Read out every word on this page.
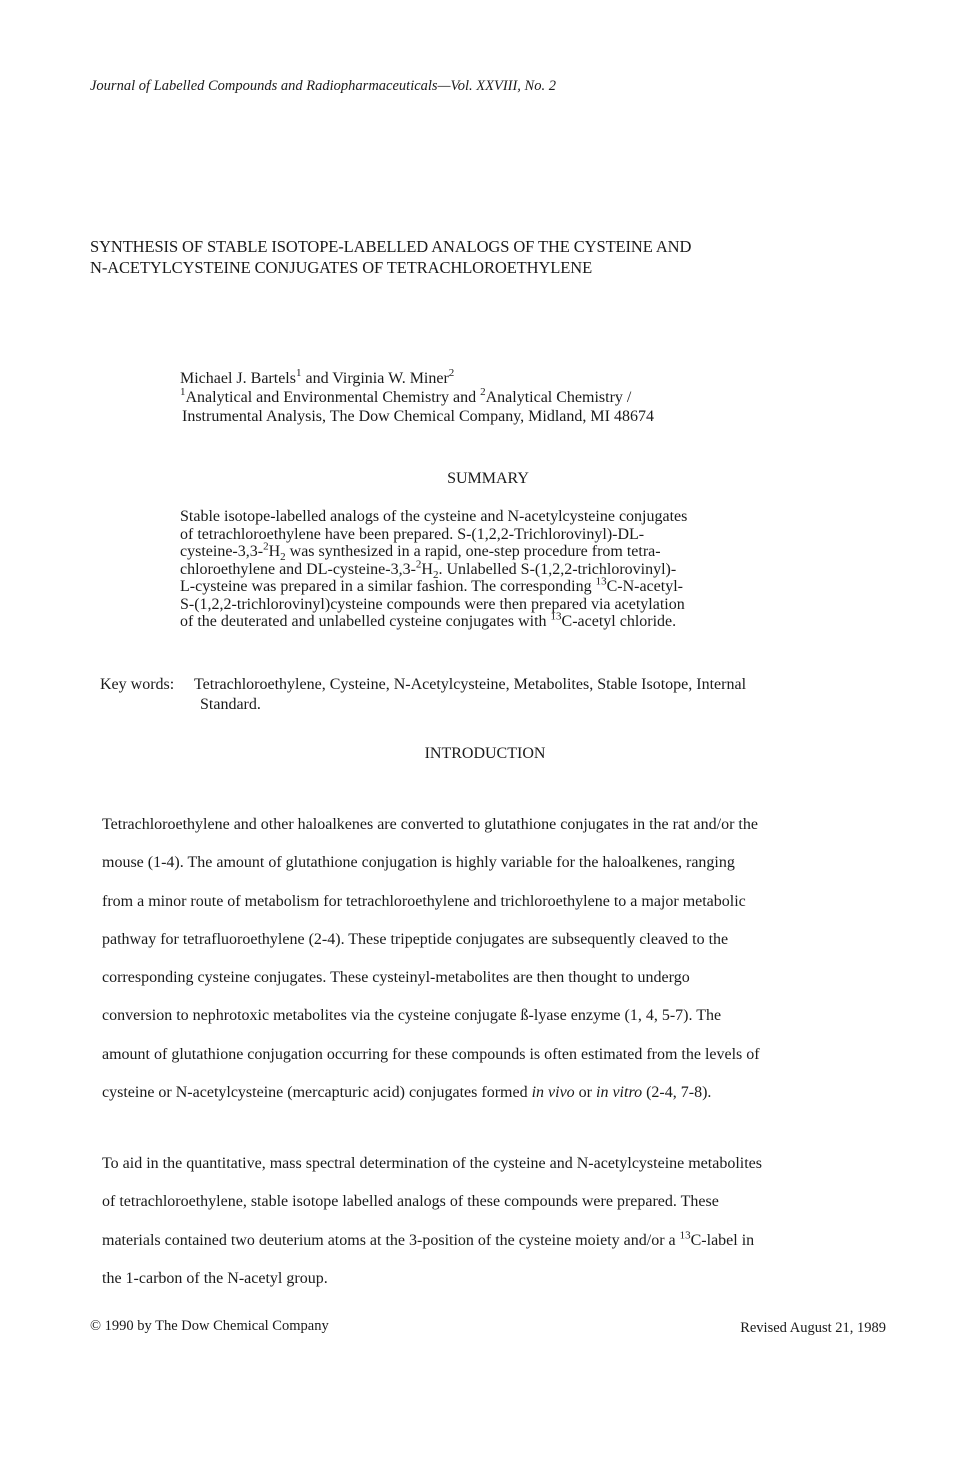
Journal of Labelled Compounds and Radiopharmaceuticals—Vol. XXVIII, No. 2
SYNTHESIS OF STABLE ISOTOPE-LABELLED ANALOGS OF THE CYSTEINE AND
N-ACETYLCYSTEINE CONJUGATES OF TETRACHLOROETHYLENE
Michael J. Bartels$^1$ and Virginia W. Miner$^2$
$^1$Analytical and Environmental Chemistry and $^2$Analytical Chemistry /
Instrumental Analysis, The Dow Chemical Company, Midland, MI 48674
SUMMARY
Stable isotope-labelled analogs of the cysteine and N-acetylcysteine conjugates
of tetrachloroethylene have been prepared. S-(1,2,2-Trichlorovinyl)-DL-
cysteine-$3,3-^2H_2$ was synthesized in a rapid, one-step procedure from tetra-
chloroethylene and $DL-cysteine-3,3-^2H_2$. Unlabelled S-(1,2,2-trichlorovinyl)-
L-cysteine was prepared in a similar fashion. The corresponding $^{13}$C-N-acetyl-
S-(1,2,2-trichlorovinyl)cysteine compounds were then prepared via acetylation
of the deuterated and unlabelled cysteine conjugates with $^{13}$C-acetyl chloride.
Key words: Tetrachloroethylene, Cysteine, N-Acetylcysteine, Metabolites, Stable Isotope, Internal
Standard.
INTRODUCTION
Tetrachloroethylene and other haloalkenes are converted to glutathione conjugates in the rat and/or the
mouse (1-4). The amount of glutathione conjugation is highly variable for the haloalkenes, ranging
from a minor route of metabolism for tetrachloroethylene and trichloroethylene to a major metabolic
pathway for tetrafluoroethylene (2-4). These tripeptide conjugates are subsequently cleaved to the
corresponding cysteine conjugates. These cysteinyl-metabolites are then thought to undergo
conversion to nephrotoxic metabolites via the cysteine conjugate ß-lyase enzyme (1, 4, 5-7). The
amount of glutathione conjugation occurring for these compounds is often estimated from the levels of
cysteine or N-acetylcysteine (mercapturic acid) conjugates formed in vivo or in vitro (2-4, 7-8).
To aid in the quantitative, mass spectral determination of the cysteine and N-acetylcysteine metabolites
of tetrachloroethylene, stable isotope labelled analogs of these compounds were prepared. These
materials contained two deuterium atoms at the 3-position of the cysteine moiety and/or a $^{13}$C-label in
the 1-carbon of the N-acetyl group.
© 1990 by The Dow Chemical Company	Revised August 21, 1989
